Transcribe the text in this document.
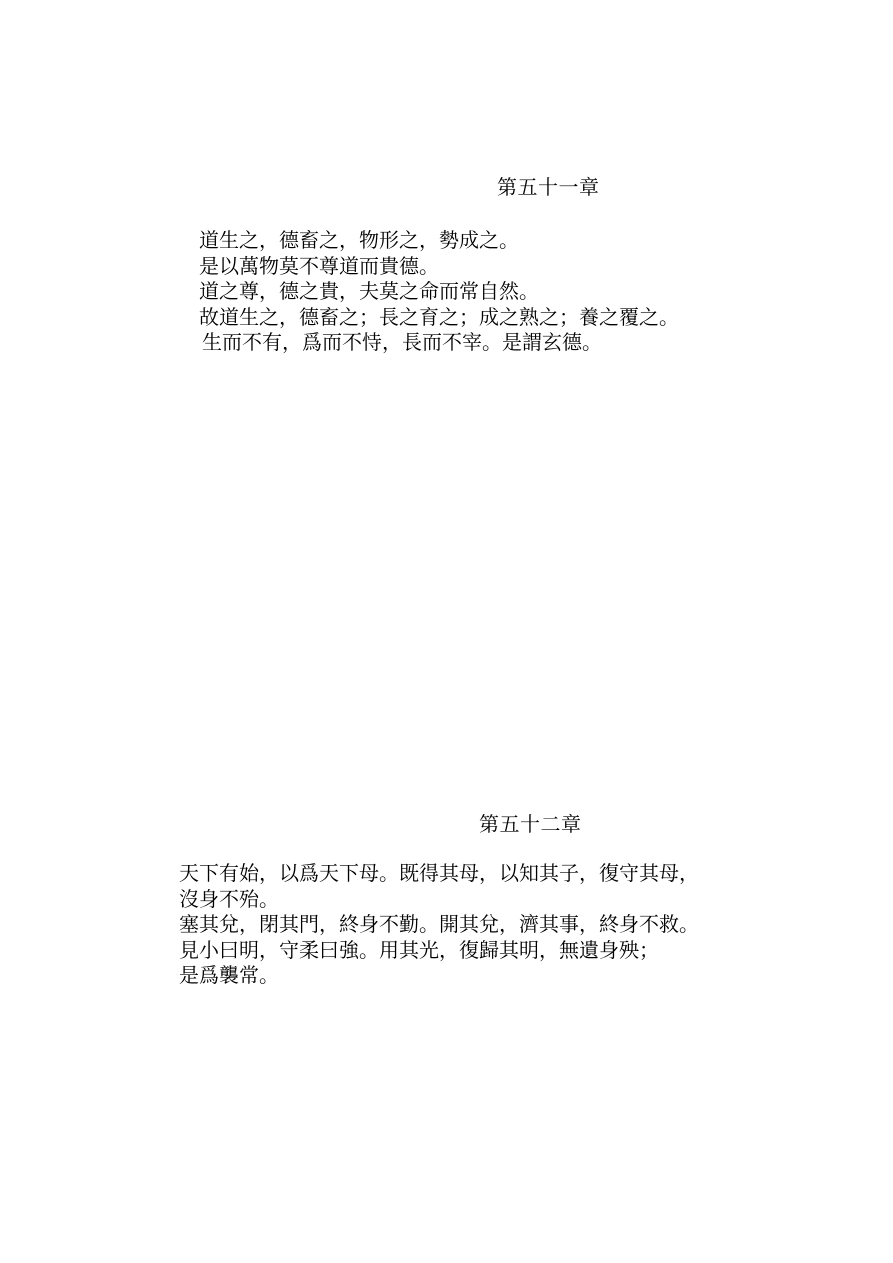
第五十一章
道生之，德畜之，物形之，勢成之。
是以萬物莫不尊道而貴德。
道之尊，德之貴，夫莫之命而常自然。
故道生之，德畜之；長之育之；成之熟之；養之覆之。
生而不有，爲而不恃，長而不宰。是謂玄德。
第五十二章
天下有始，以爲天下母。既得其母，以知其子，復守其母，
沒身不殆。
塞其兌，閉其門，終身不勤。開其兌，濟其事，終身不救。
見小曰明，守柔曰強。用其光，復歸其明，無遺身殃；
是爲襲常。
